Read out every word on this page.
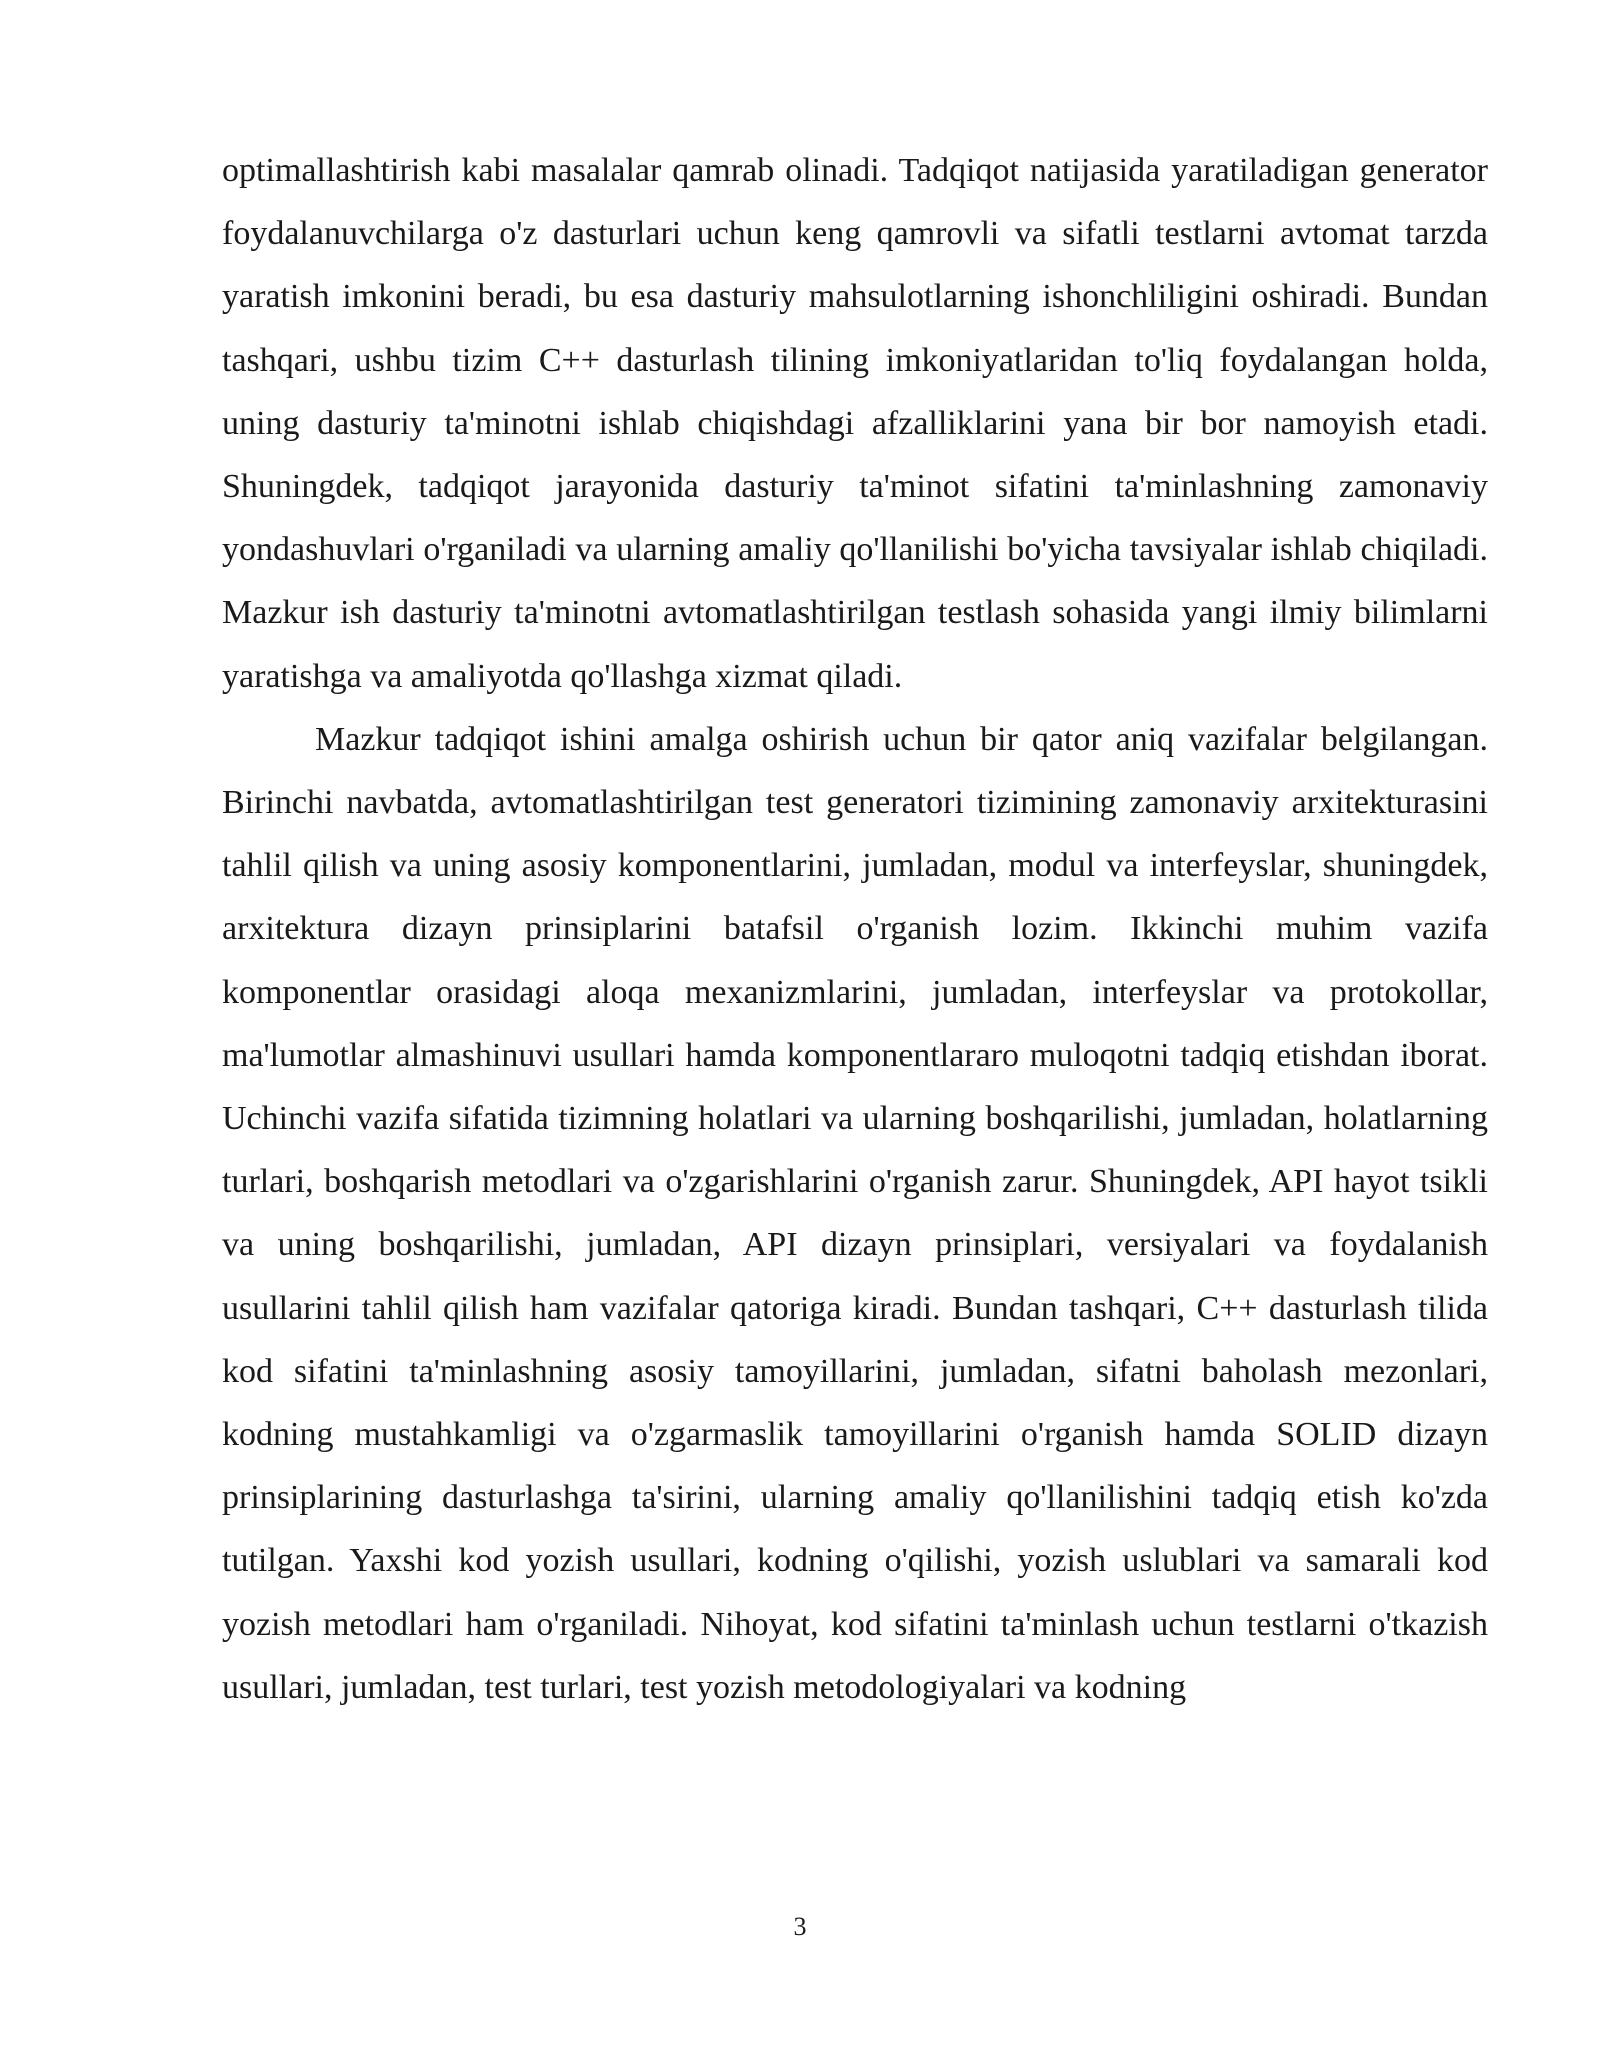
optimallashtirish kabi masalalar qamrab olinadi. Tadqiqot natijasida yaratiladigan generator foydalanuvchilarga o'z dasturlari uchun keng qamrovli va sifatli testlarni avtomat tarzda yaratish imkonini beradi, bu esa dasturiy mahsulotlarning ishonchliligini oshiradi. Bundan tashqari, ushbu tizim C++ dasturlash tilining imkoniyatlaridan to'liq foydalangan holda, uning dasturiy ta'minotni ishlab chiqishdagi afzalliklarini yana bir bor namoyish etadi. Shuningdek, tadqiqot jarayonida dasturiy ta'minot sifatini ta'minlashning zamonaviy yondashuvlari o'rganiladi va ularning amaliy qo'llanilishi bo'yicha tavsiyalar ishlab chiqiladi. Mazkur ish dasturiy ta'minotni avtomatlashtirilgan testlash sohasida yangi ilmiy bilimlarni yaratishga va amaliyotda qo'llashga xizmat qiladi.

Mazkur tadqiqot ishini amalga oshirish uchun bir qator aniq vazifalar belgilangan. Birinchi navbatda, avtomatlashtirilgan test generatori tizimining zamonaviy arxitekturasini tahlil qilish va uning asosiy komponentlarini, jumladan, modul va interfeyslar, shuningdek, arxitektura dizayn prinsiplarini batafsil o'rganish lozim. Ikkinchi muhim vazifa komponentlar orasidagi aloqa mexanizmlarini, jumladan, interfeyslar va protokollar, ma'lumotlar almashinuvi usullari hamda komponentlararo muloqotni tadqiq etishdan iborat. Uchinchi vazifa sifatida tizimning holatlari va ularning boshqarilishi, jumladan, holatlarning turlari, boshqarish metodlari va o'zgarishlarini o'rganish zarur. Shuningdek, API hayot tsikli va uning boshqarilishi, jumladan, API dizayn prinsiplari, versiyalari va foydalanish usullarini tahlil qilish ham vazifalar qatoriga kiradi. Bundan tashqari, C++ dasturlash tilida kod sifatini ta'minlashning asosiy tamoyillarini, jumladan, sifatni baholash mezonlari, kodning mustahkamligi va o'zgarmaslik tamoyillarini o'rganish hamda SOLID dizayn prinsiplarining dasturlashga ta'sirini, ularning amaliy qo'llanilishini tadqiq etish ko'zda tutilgan. Yaxshi kod yozish usullari, kodning o'qilishi, yozish uslublari va samarali kod yozish metodlari ham o'rganiladi. Nihoyat, kod sifatini ta'minlash uchun testlarni o'tkazish usullari, jumladan, test turlari, test yozish metodologiyalari va kodning

3
